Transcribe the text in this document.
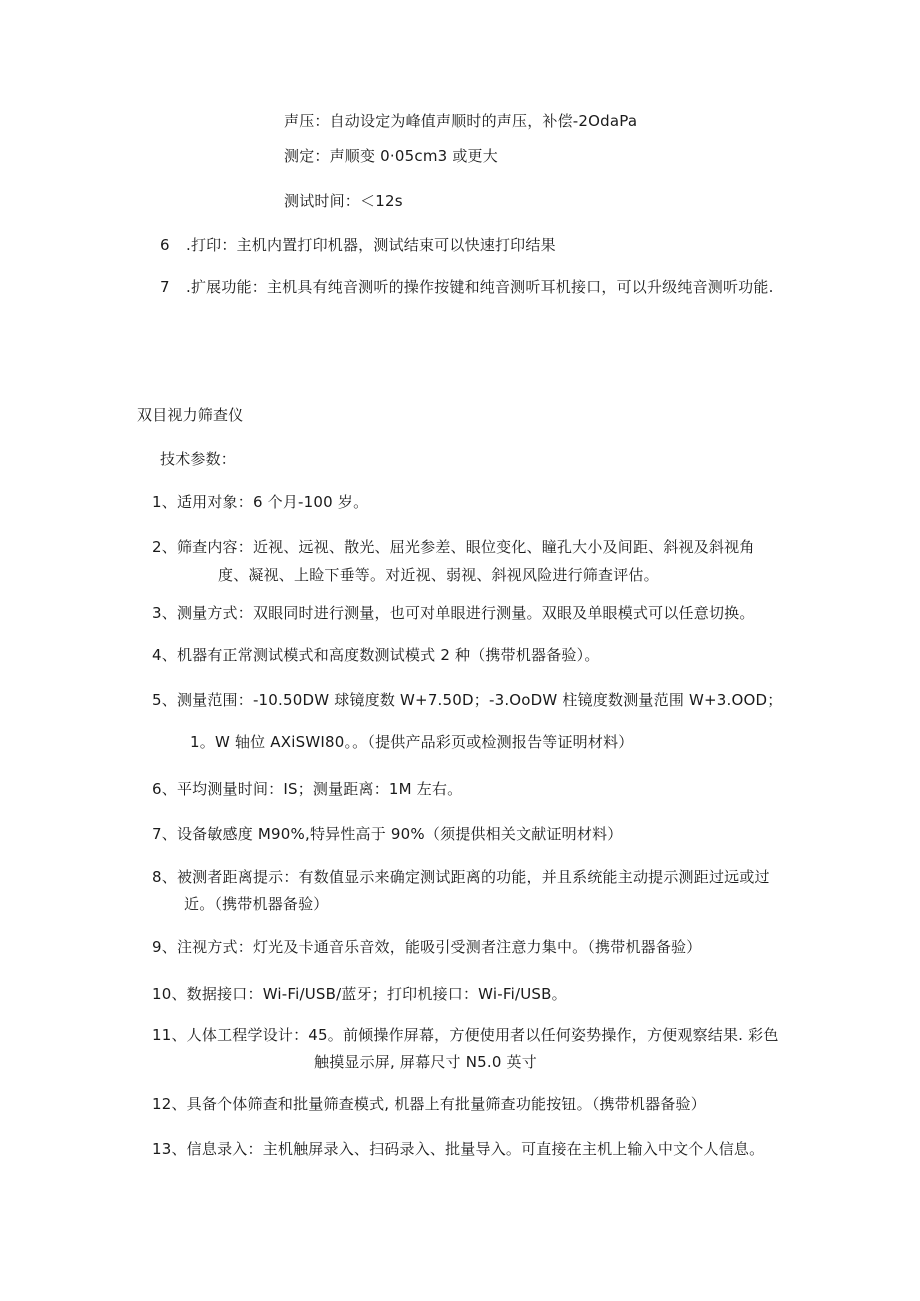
声压：自动设定为峰值声顺时的声压，补偿-2OdaPa

测定：声顺变 0·05cm3 或更大

测试时间：＜12s

6 .打印：主机内置打印机器，测试结束可以快速打印结果

7 .扩展功能：主机具有纯音测听的操作按键和纯音测听耳机接口，可以升级纯音测听功能.

双目视力筛查仪

技术参数：

1、适用对象：6 个月-100 岁。

2、筛查内容：近视、远视、散光、屈光参差、眼位变化、瞳孔大小及间距、斜视及斜视角

度、凝视、上睑下垂等。对近视、弱视、斜视风险进行筛查评估。

3、测量方式：双眼同时进行测量，也可对单眼进行测量。双眼及单眼模式可以任意切换。

4、机器有正常测试模式和高度数测试模式 2 种（携带机器备验）。

5、测量范围：-10.50DW 球镜度数 W+7.50D；-3.OoDW 柱镜度数测量范围 W+3.OOD；

1。W 轴位 AXiSWI80。。（提供产品彩页或检测报告等证明材料）

6、平均测量时间：IS；测量距离：1M 左右。

7、设备敏感度 M90%,特异性高于 90%（须提供相关文献证明材料）

8、被测者距离提示：有数值显示来确定测试距离的功能，并且系统能主动提示测距过远或过

近。（携带机器备验）

9、注视方式：灯光及卡通音乐音效，能吸引受测者注意力集中。（携带机器备验）

10、数据接口：Wi-Fi/USB/蓝牙；打印机接口：Wi-Fi/USB。

11、人体工程学设计：45。前倾操作屏幕，方便使用者以任何姿势操作，方便观察结果. 彩色

触摸显示屏, 屏幕尺寸 N5.0 英寸

12、具备个体筛查和批量筛查模式, 机器上有批量筛查功能按钮。（携带机器备验）

13、信息录入：主机触屏录入、扫码录入、批量导入。可直接在主机上输入中文个人信息。
